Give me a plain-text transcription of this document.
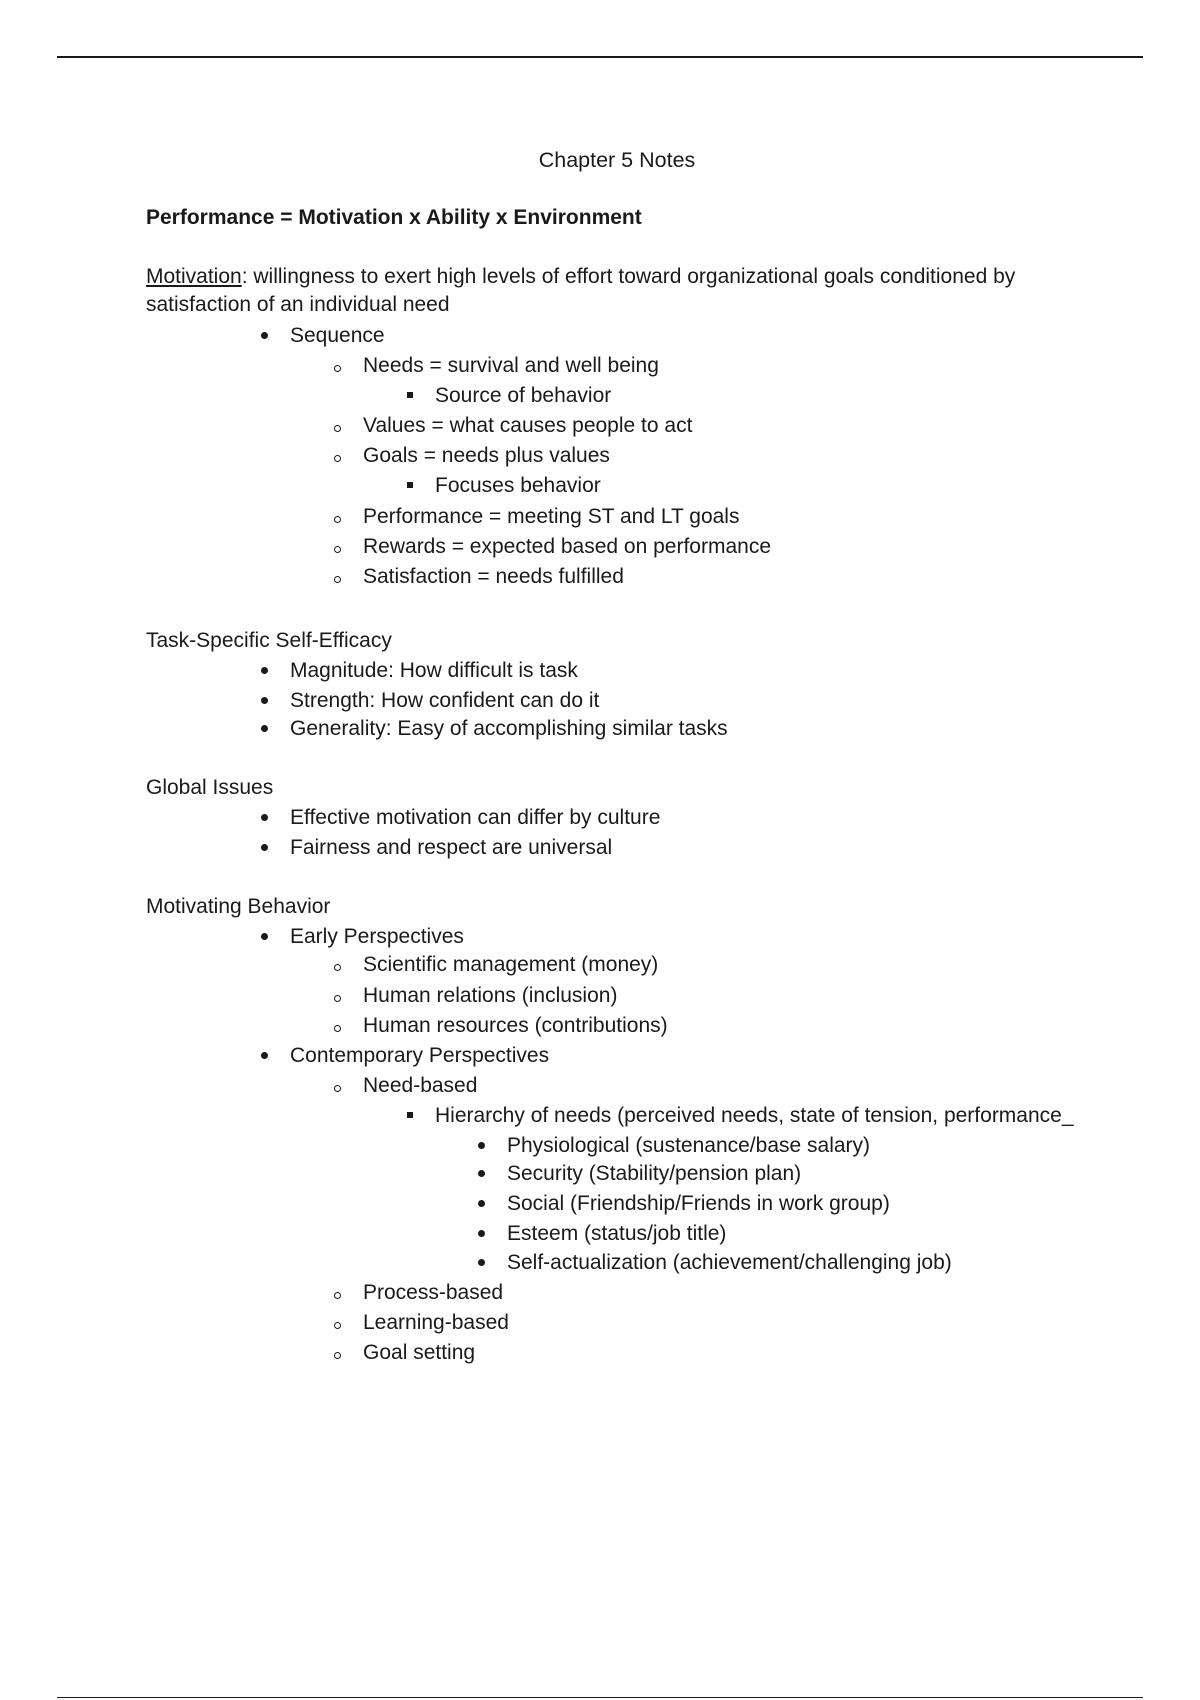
Chapter 5 Notes
Performance = Motivation x Ability x Environment
Motivation: willingness to exert high levels of effort toward organizational goals conditioned by
satisfaction of an individual need
Sequence
Needs = survival and well being
Source of behavior
Values = what causes people to act
Goals = needs plus values
Focuses behavior
Performance = meeting ST and LT goals
Rewards = expected based on performance
Satisfaction = needs fulfilled
Task-Specific Self-Efficacy
Magnitude: How difficult is task
Strength: How confident can do it
Generality: Easy of accomplishing similar tasks
Global Issues
Effective motivation can differ by culture
Fairness and respect are universal
Motivating Behavior
Early Perspectives
Scientific management (money)
Human relations (inclusion)
Human resources (contributions)
Contemporary Perspectives
Need-based
Hierarchy of needs (perceived needs, state of tension, performance_
Physiological (sustenance/base salary)
Security (Stability/pension plan)
Social (Friendship/Friends in work group)
Esteem (status/job title)
Self-actualization (achievement/challenging job)
Process-based
Learning-based
Goal setting
